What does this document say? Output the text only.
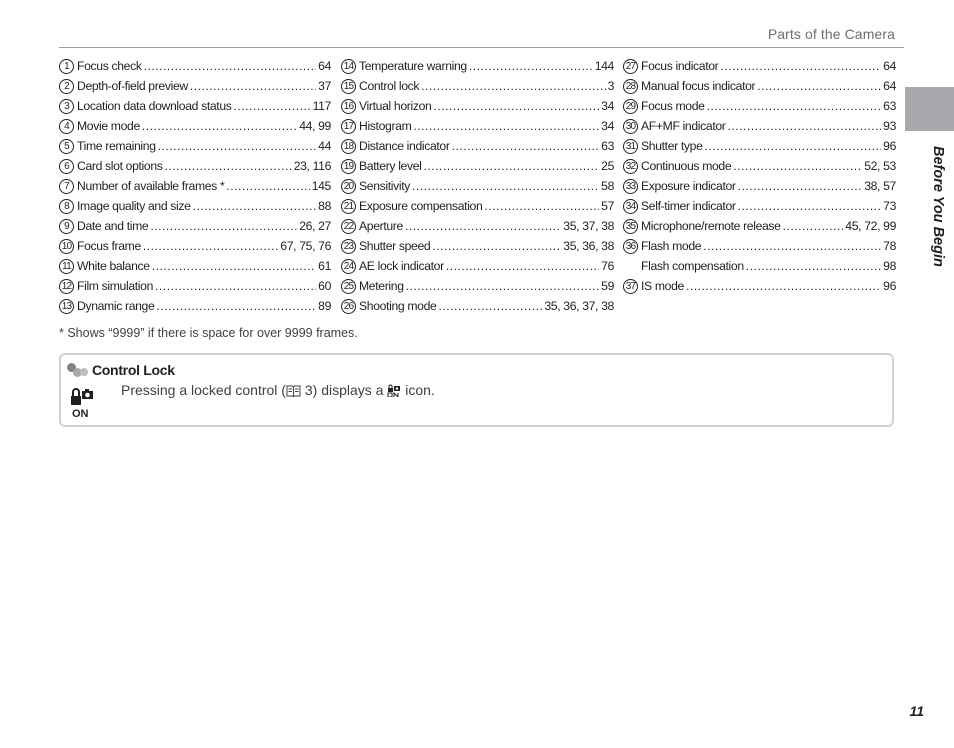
Parts of the Camera
Before You Begin
1 Focus check .....	64
2 Depth-of-field preview .....	37
3 Location data download status .....	117
4 Movie mode .....	44, 99
5 Time remaining .....	44
6 Card slot options .....	23, 116
7 Number of available frames * .....	145
8 Image quality and size .....	88
9 Date and time .....	26, 27
10 Focus frame .....	67, 75, 76
11 White balance .....	61
12 Film simulation .....	60
13 Dynamic range .....	89
14 Temperature warning .....	144
15 Control lock .....	3
16 Virtual horizon .....	34
17 Histogram .....	34
18 Distance indicator .....	63
19 Battery level .....	25
20 Sensitivity .....	58
21 Exposure compensation .....	57
22 Aperture .....	35, 37, 38
23 Shutter speed .....	35, 36, 38
24 AE lock indicator .....	76
25 Metering .....	59
26 Shooting mode .....	35, 36, 37, 38
27 Focus indicator .....	64
28 Manual focus indicator .....	64
29 Focus mode .....	63
30 AF+MF indicator .....	93
31 Shutter type .....	96
32 Continuous mode .....	52, 53
33 Exposure indicator .....	38, 57
34 Self-timer indicator .....	73
35 Microphone/remote release .....	45, 72, 99
36 Flash mode .....	78
Flash compensation .....	98
37 IS mode .....	96
* Shows “9999” if there is space for over 9999 frames.
Control Lock
ON
Pressing a locked control ( 3) displays a  icon.
11
